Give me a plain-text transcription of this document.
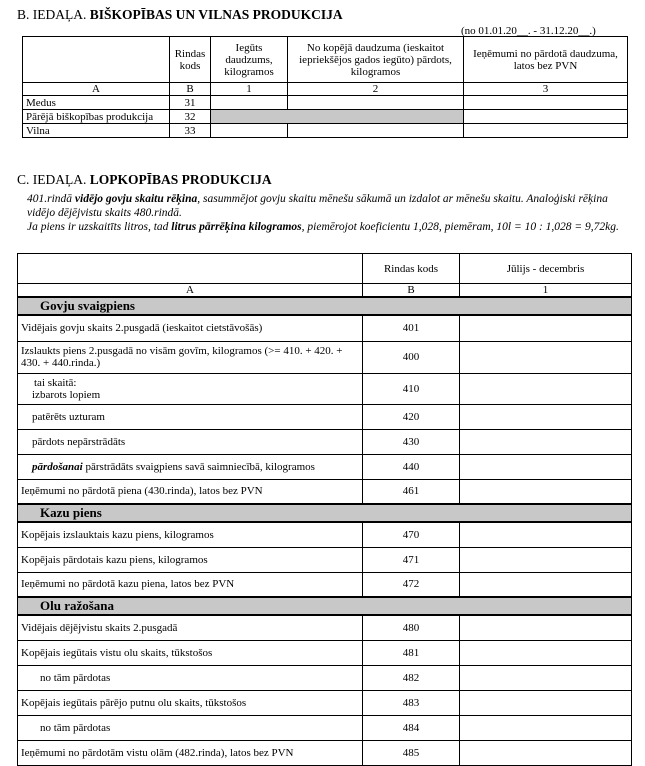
B. IEDAĻA. BIŠKOPĪBAS UN VILNAS PRODUKCIJA
(no 01.01.20__. - 31.12.20__.)
	Rindas kods	Iegūts daudzums, kilogramos	No kopējā daudzuma (ieskaitot iepriekšējos gados iegūto) pārdots, kilogramos	Ieņēmumi no pārdotā daudzuma, latos bez PVN
A	B	1	2	3
Medus	31			
Pārējā biškopības produkcija	32			
Vilna	33			
C. IEDAĻA. LOPKOPĪBAS PRODUKCIJA
401.rindā vidējo govju skaitu rēķina, sasummējot govju skaitu mēnešu sākumā un izdalot ar mēnešu skaitu. Analoģiski rēķina vidējo dējējvistu skaits 480.rindā.
Ja piens ir uzskaitīts litros, tad litrus pārrēķina kilogramos, piemērojot koeficientu 1,028, piemēram, 10l = 10 : 1,028 = 9,72kg.
	Rindas kods	Jūlijs - decembris
A	B	1
Govju svaigpiens		
Vidējais govju skaits 2.pusgadā (ieskaitot cietstāvošās)	401	
Izslaukts piens 2.pusgadā no visām govīm, kilogramos (>= 410. + 420. + 430. + 440.rinda.)	400	

tai skaitā:
izbarots lopiem	410	
patērēts uzturam	420	
pārdots nepārstrādāts	430	
pārdošanai pārstrādāts svaigpiens savā saimniecībā, kilogramos	440	
Ieņēmumi no pārdotā piena (430.rinda), latos bez PVN	461	
Kazu piens		
Kopējais izslauktais kazu piens, kilogramos	470	
Kopējais pārdotais kazu piens, kilogramos	471	
Ieņēmumi no pārdotā kazu piena, latos bez PVN	472	
Olu ražošana		
Vidējais dējējvistu skaits 2.pusgadā	480	
Kopējais iegūtais vistu olu skaits, tūkstošos	481	
no tām pārdotas	482	
Kopējais iegūtais pārējo putnu olu skaits, tūkstošos	483	
no tām pārdotas	484	
Ieņēmumi no pārdotām vistu olām (482.rinda), latos bez PVN	485	
